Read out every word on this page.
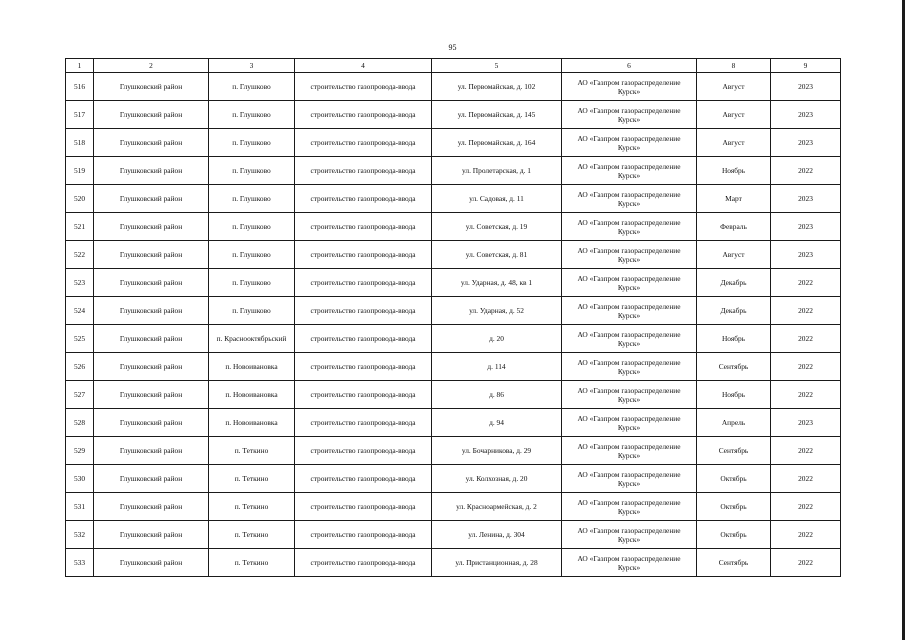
95
1	2	3	4	5	6	8	9
516	Глушковский район	п. Глушково	строительство газопровода-ввода	ул. Первомайская, д. 102	АО «Газпром газораспределение Курск»	Август	2023
517	Глушковский район	п. Глушково	строительство газопровода-ввода	ул. Первомайская, д. 145	АО «Газпром газораспределение Курск»	Август	2023
518	Глушковский район	п. Глушково	строительство газопровода-ввода	ул. Первомайская, д. 164	АО «Газпром газораспределение Курск»	Август	2023
519	Глушковский район	п. Глушково	строительство газопровода-ввода	ул. Пролетарская, д. 1	АО «Газпром газораспределение Курск»	Ноябрь	2022
520	Глушковский район	п. Глушково	строительство газопровода-ввода	ул. Садовая, д. 11	АО «Газпром газораспределение Курск»	Март	2023
521	Глушковский район	п. Глушково	строительство газопровода-ввода	ул. Советская, д. 19	АО «Газпром газораспределение Курск»	Февраль	2023
522	Глушковский район	п. Глушково	строительство газопровода-ввода	ул. Советская, д. 81	АО «Газпром газораспределение Курск»	Август	2023
523	Глушковский район	п. Глушково	строительство газопровода-ввода	ул. Ударная, д. 48, кв 1	АО «Газпром газораспределение Курск»	Декабрь	2022
524	Глушковский район	п. Глушково	строительство газопровода-ввода	ул. Ударная, д. 52	АО «Газпром газораспределение Курск»	Декабрь	2022
525	Глушковский район	п. Краснооктябрьский	строительство газопровода-ввода	д. 20	АО «Газпром газораспределение Курск»	Ноябрь	2022
526	Глушковский район	п. Новоивановка	строительство газопровода-ввода	д. 114	АО «Газпром газораспределение Курск»	Сентябрь	2022
527	Глушковский район	п. Новоивановка	строительство газопровода-ввода	д. 86	АО «Газпром газораспределение Курск»	Ноябрь	2022
528	Глушковский район	п. Новоивановка	строительство газопровода-ввода	д. 94	АО «Газпром газораспределение Курск»	Апрель	2023
529	Глушковский район	п. Теткино	строительство газопровода-ввода	ул. Бочарникова, д. 29	АО «Газпром газораспределение Курск»	Сентябрь	2022
530	Глушковский район	п. Теткино	строительство газопровода-ввода	ул. Колхозная, д. 20	АО «Газпром газораспределение Курск»	Октябрь	2022
531	Глушковский район	п. Теткино	строительство газопровода-ввода	ул. Красноармейская, д. 2	АО «Газпром газораспределение Курск»	Октябрь	2022
532	Глушковский район	п. Теткино	строительство газопровода-ввода	ул. Ленина, д. 304	АО «Газпром газораспределение Курск»	Октябрь	2022
533	Глушковский район	п. Теткино	строительство газопровода-ввода	ул. Пристанционная, д. 28	АО «Газпром газораспределение Курск»	Сентябрь	2022
